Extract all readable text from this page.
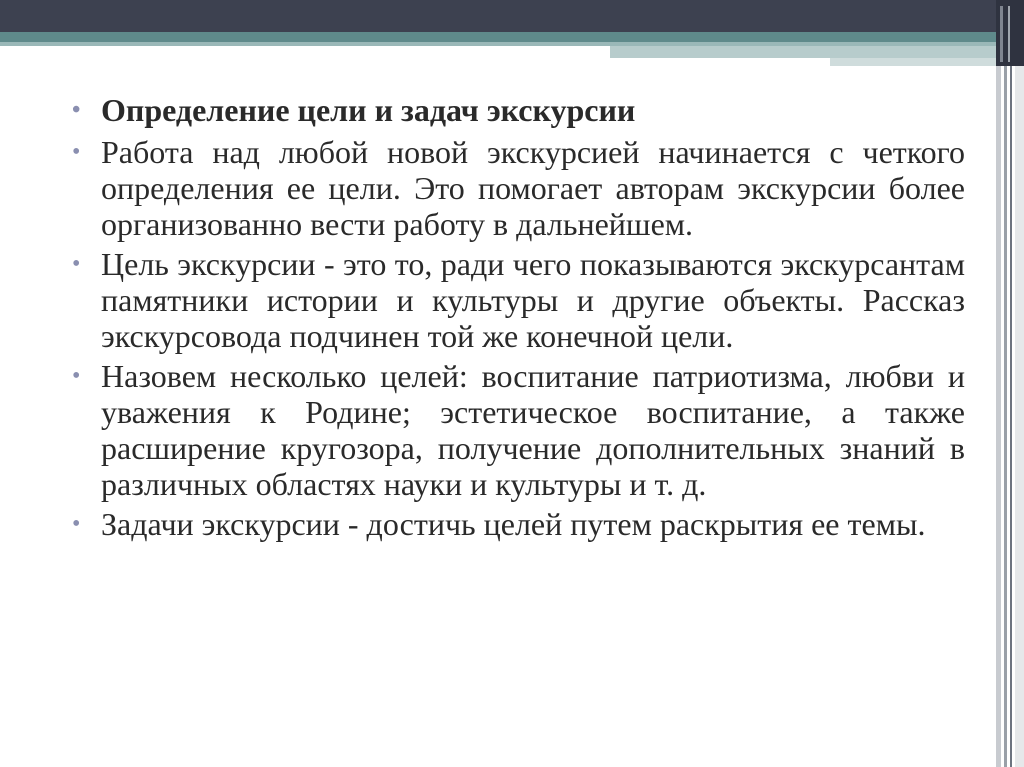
• Определение цели и задач экскурсии
• Работа над любой новой экскурсией начинается с четкого определения ее цели. Это помогает авторам экскурсии более организованно вести работу в дальнейшем.
• Цель экскурсии - это то, ради чего показываются экскурсантам памятники истории и культуры и другие объекты. Рассказ экскурсовода подчинен той же конечной цели.
• Назовем несколько целей: воспитание патриотизма, любви и уважения к Родине; эстетическое воспитание, а также расширение кругозора, получение дополнительных знаний в различных областях науки и культуры и т. д.
• Задачи экскурсии - достичь целей путем раскрытия ее темы.
